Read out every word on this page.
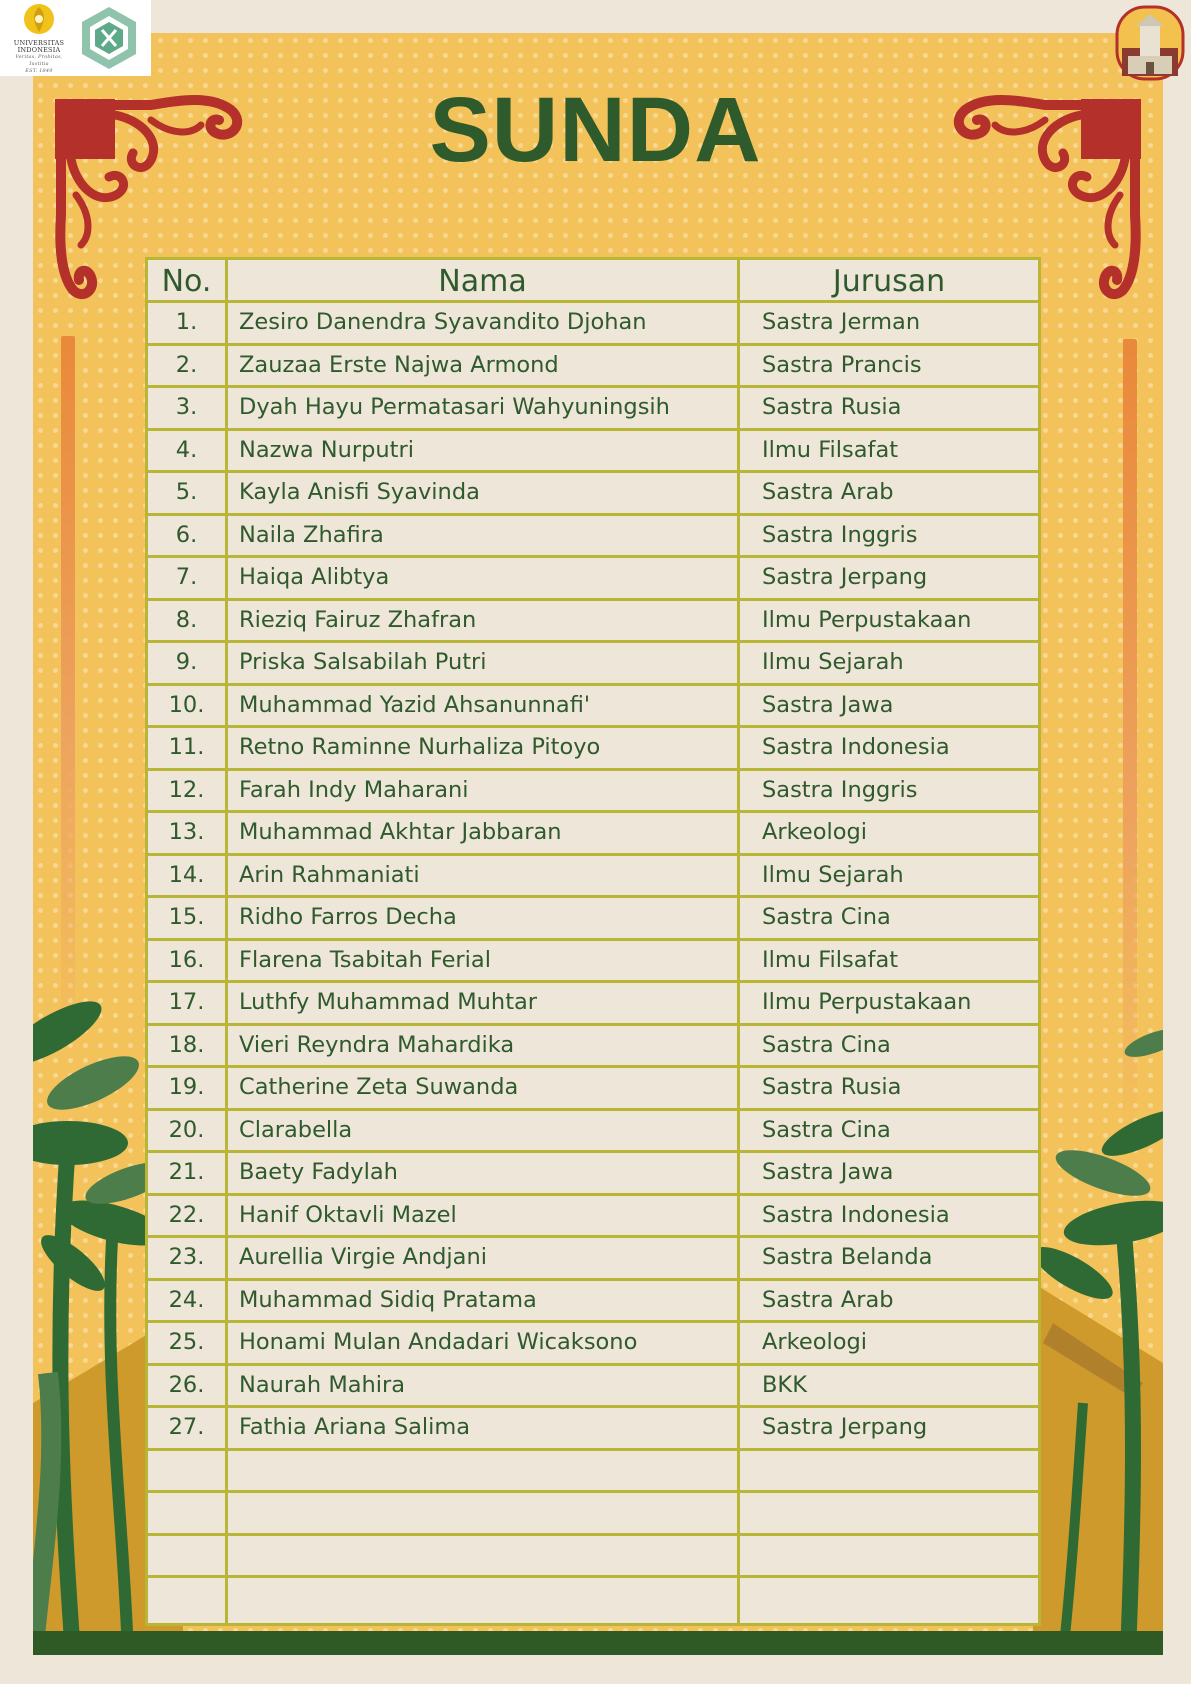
UNIVERSITAS
INDONESIA
Veritas, Probitas, Iustitia
EST. 1849
SUNDA
No.	Nama	Jurusan
1.	Zesiro Danendra Syavandito Djohan	Sastra Jerman
2.	Zauzaa Erste Najwa Armond	Sastra Prancis
3.	Dyah Hayu Permatasari Wahyuningsih	Sastra Rusia
4.	Nazwa Nurputri	Ilmu Filsafat
5.	Kayla Anisfi Syavinda	Sastra Arab
6.	Naila Zhafira	Sastra Inggris
7.	Haiqa Alibtya	Sastra Jerpang
8.	Rieziq Fairuz Zhafran	Ilmu Perpustakaan
9.	Priska Salsabilah Putri	Ilmu Sejarah
10.	Muhammad Yazid Ahsanunnafi'	Sastra Jawa
11.	Retno Raminne Nurhaliza Pitoyo	Sastra Indonesia
12.	Farah Indy Maharani	Sastra Inggris
13.	Muhammad Akhtar Jabbaran	Arkeologi
14.	Arin Rahmaniati	Ilmu Sejarah
15.	Ridho Farros Decha	Sastra Cina
16.	Flarena Tsabitah Ferial	Ilmu Filsafat
17.	Luthfy Muhammad Muhtar	Ilmu Perpustakaan
18.	Vieri Reyndra Mahardika	Sastra Cina
19.	Catherine Zeta Suwanda	Sastra Rusia
20.	Clarabella	Sastra Cina
21.	Baety Fadylah	Sastra Jawa
22.	Hanif Oktavli Mazel	Sastra Indonesia
23.	Aurellia Virgie Andjani	Sastra Belanda
24.	Muhammad Sidiq Pratama	Sastra Arab
25.	Honami Mulan Andadari Wicaksono	Arkeologi
26.	Naurah Mahira	BKK
27.	Fathia Ariana Salima	Sastra Jerpang
